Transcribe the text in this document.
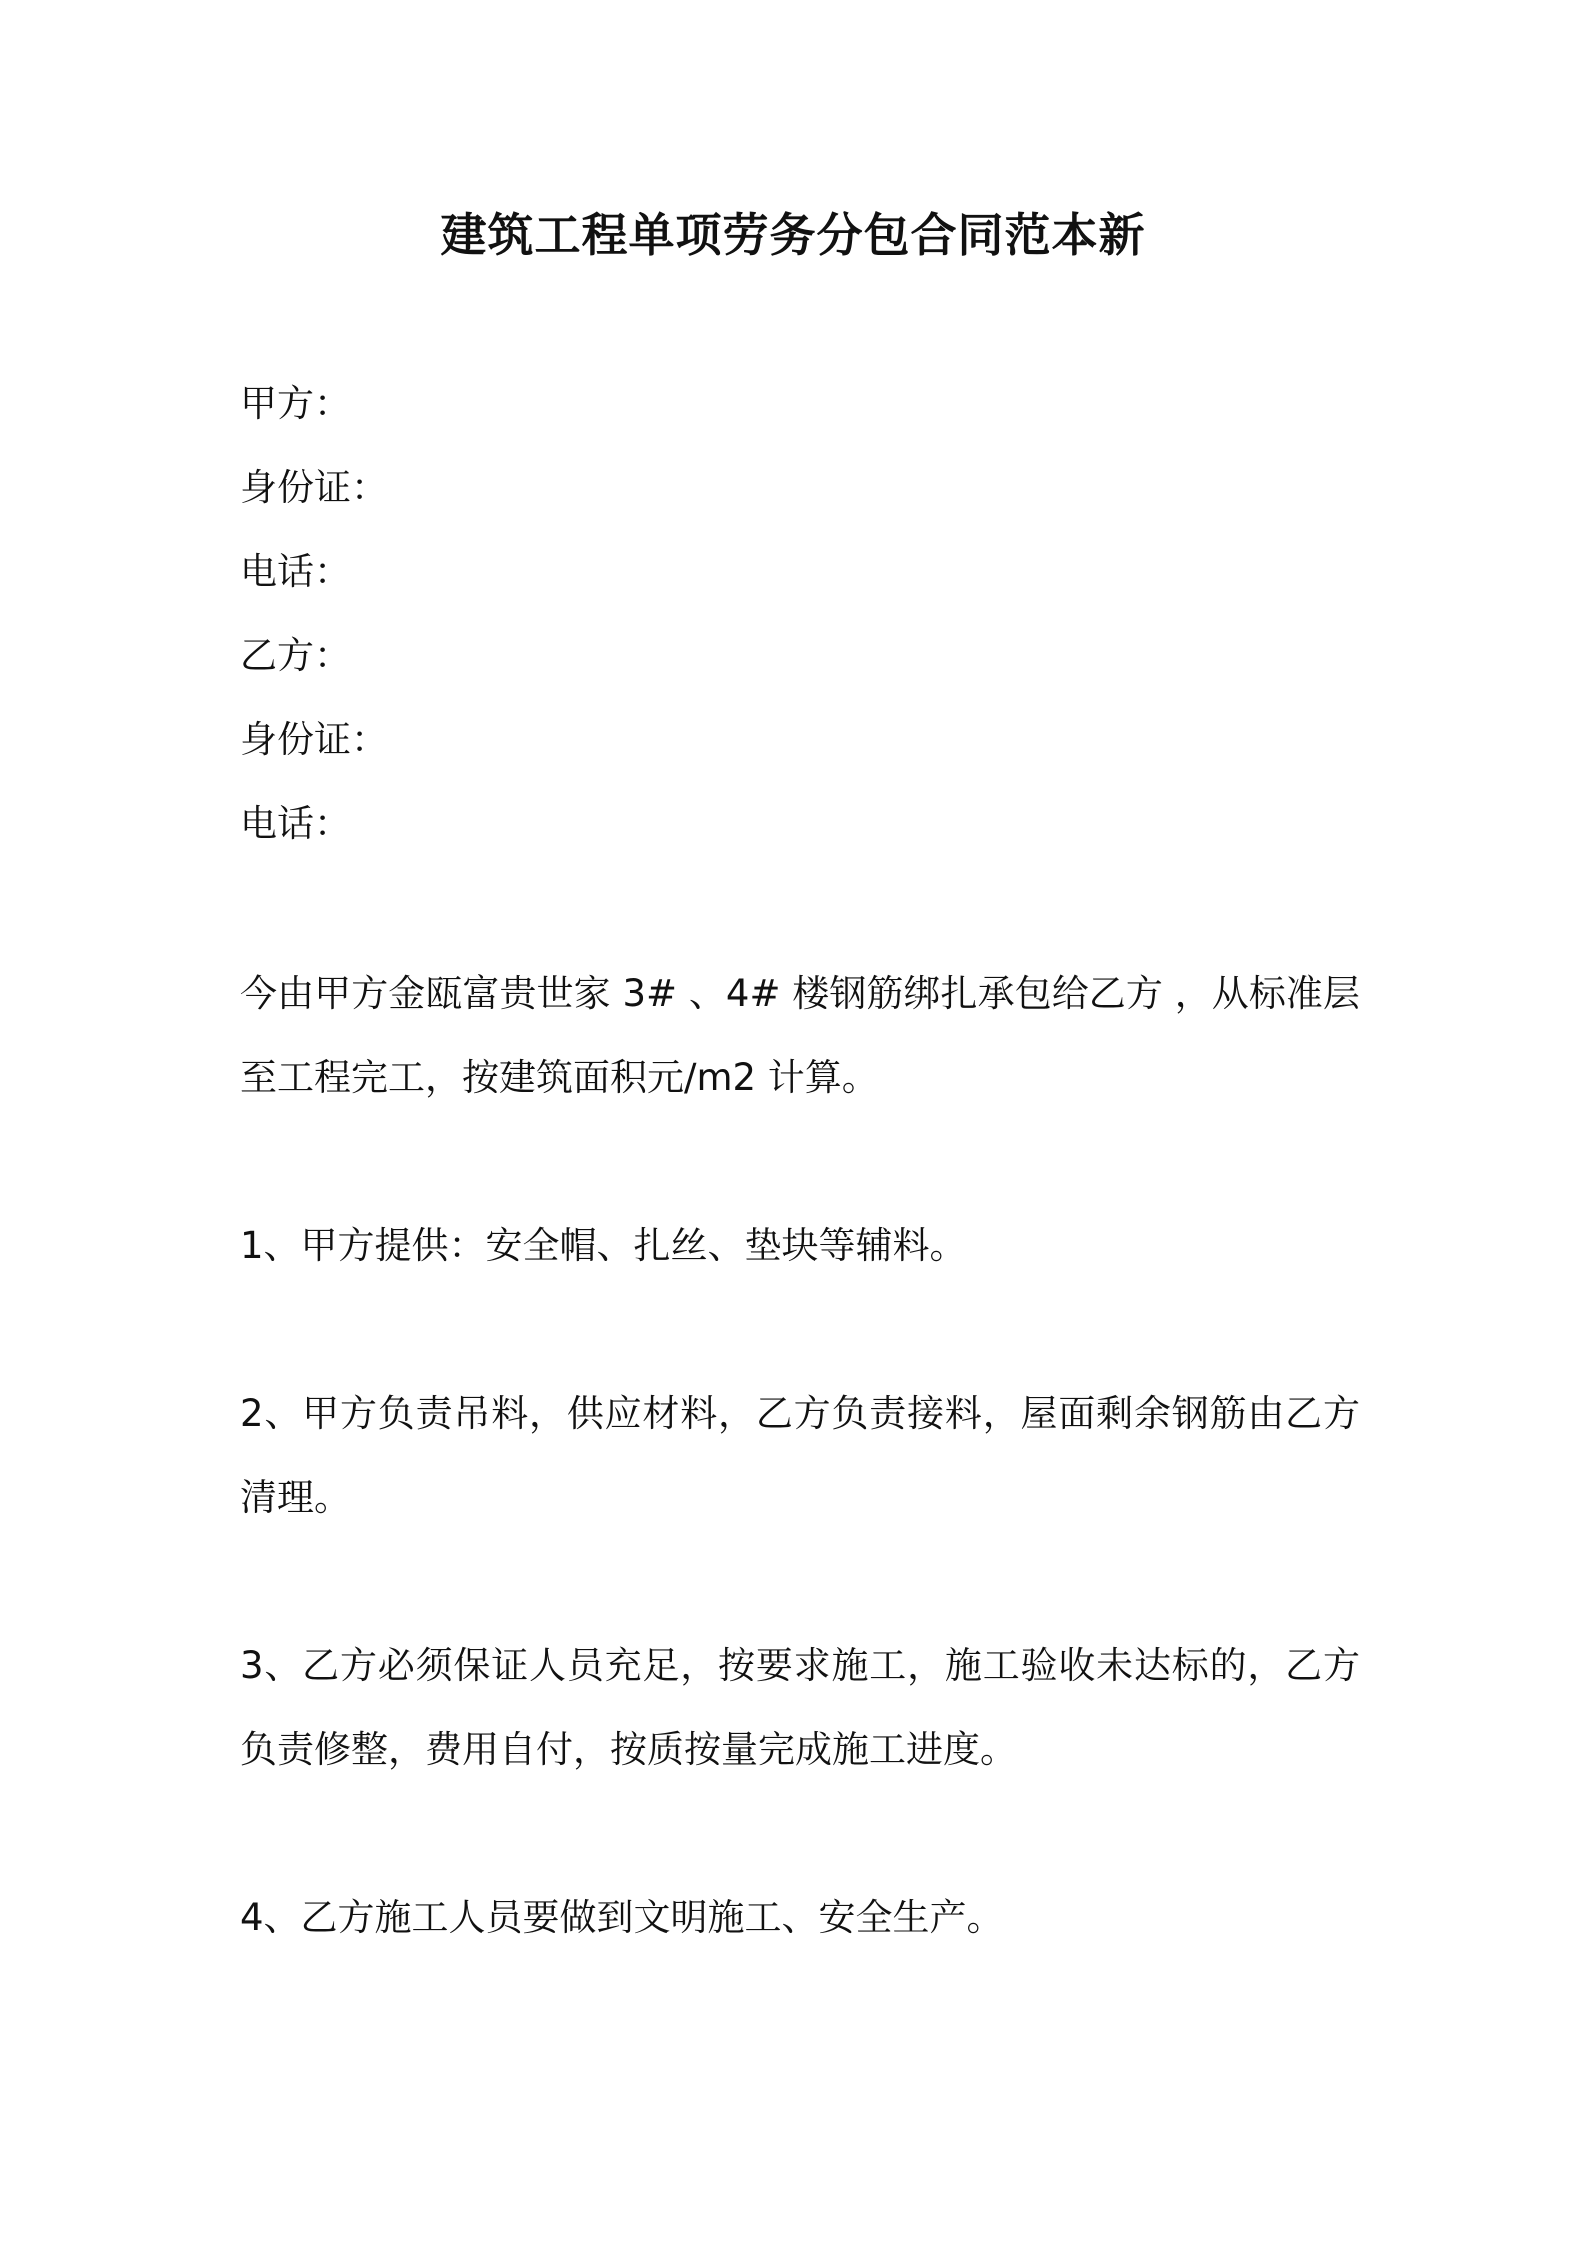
建筑工程单项劳务分包合同范本新

甲方：

身份证：

电话：

乙方：

身份证：

电话：

今由甲方金瓯富贵世家 3# 、4# 楼钢筋绑扎承包给乙方 ，从标准层至工程完工，按建筑面积元/m2 计算。

1、甲方提供：安全帽、扎丝、垫块等辅料。

2、甲方负责吊料，供应材料，乙方负责接料，屋面剩余钢筋由乙方清理。

3、乙方必须保证人员充足，按要求施工，施工验收未达标的，乙方负责修整，费用自付，按质按量完成施工进度。

4、乙方施工人员要做到文明施工、安全生产。
